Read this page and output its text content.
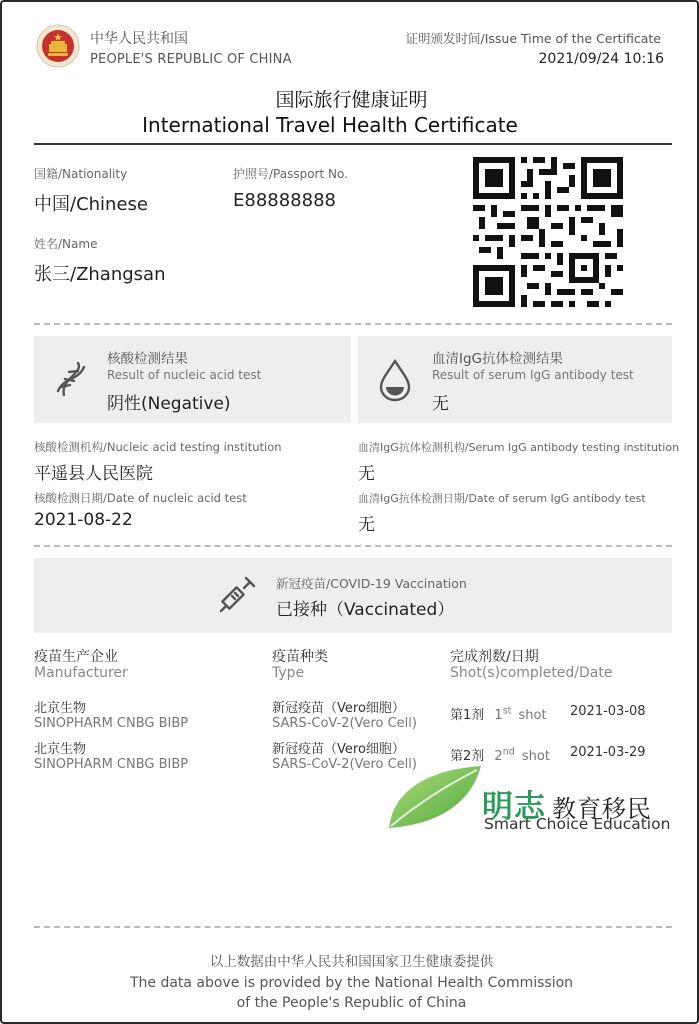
中华人民共和国
PEOPLE'S REPUBLIC OF CHINA
证明颁发时间/Issue Time of the Certificate
2021/09/24 10:16
国际旅行健康证明
International Travel Health Certificate
国籍/Nationality
中国/Chinese
护照号/Passport No.
E88888888
姓名/Name
张三/Zhangsan
核酸检测结果
Result of nucleic acid test
阴性(Negative)
血清IgG抗体检测结果
Result of serum IgG antibody test
无
核酸检测机构/Nucleic acid testing institution
平遥县人民医院
血清IgG抗体检测机构/Serum IgG antibody testing institution
无
核酸检测日期/Date of nucleic acid test
2021-08-22
血清IgG抗体检测日期/Date of serum IgG antibody test
无
新冠疫苗/COVID-19 Vaccination
已接种（Vaccinated）
疫苗生产企业
Manufacturer
疫苗种类
Type
完成剂数/日期
Shot(s)completed/Date
北京生物
SINOPHARM CNBG BIBP
新冠疫苗（Vero细胞）
SARS-CoV-2(Vero Cell)
第1剂 1st shot 2021-03-08
北京生物
SINOPHARM CNBG BIBP
新冠疫苗（Vero细胞）
SARS-CoV-2(Vero Cell)
第2剂 2nd shot 2021-03-29
明志 教育移民
Smart Choice Education
以上数据由中华人民共和国国家卫生健康委提供
The data above is provided by the National Health Commission
of the People's Republic of China
